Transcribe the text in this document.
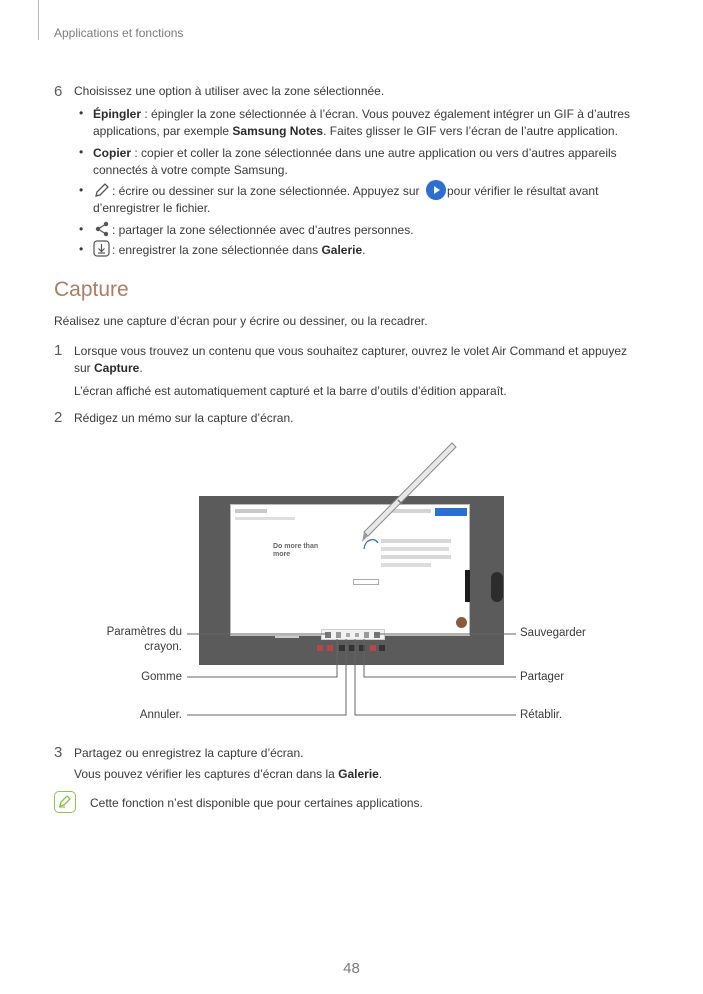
Applications et fonctions
6 Choisissez une option à utiliser avec la zone sélectionnée.
• Épingler : épingler la zone sélectionnée à l’écran. Vous pouvez également intégrer un GIF à d’autres
applications, par exemple Samsung Notes. Faites glisser le GIF vers l’écran de l’autre application.
• Copier : copier et coller la zone sélectionnée dans une autre application ou vers d’autres appareils
connectés à votre compte Samsung.
• : écrire ou dessiner sur la zone sélectionnée. Appuyez sur pour vérifier le résultat avant
d’enregistrer le fichier.
• : partager la zone sélectionnée avec d’autres personnes.
• : enregistrer la zone sélectionnée dans Galerie.
Capture
Réalisez une capture d’écran pour y écrire ou dessiner, ou la recadrer.
1 Lorsque vous trouvez un contenu que vous souhaitez capturer, ouvrez le volet Air Command et appuyez
sur Capture.
L’écran affiché est automatiquement capturé et la barre d’outils d’édition apparaît.
2 Rédigez un mémo sur la capture d’écran.
Do more than
more
Paramètres du
crayon.
Gomme
Annuler.
Sauvegarder
Partager
Rétablir.
3 Partagez ou enregistrez la capture d’écran.
Vous pouvez vérifier les captures d’écran dans la Galerie.
Cette fonction n’est disponible que pour certaines applications.
48
